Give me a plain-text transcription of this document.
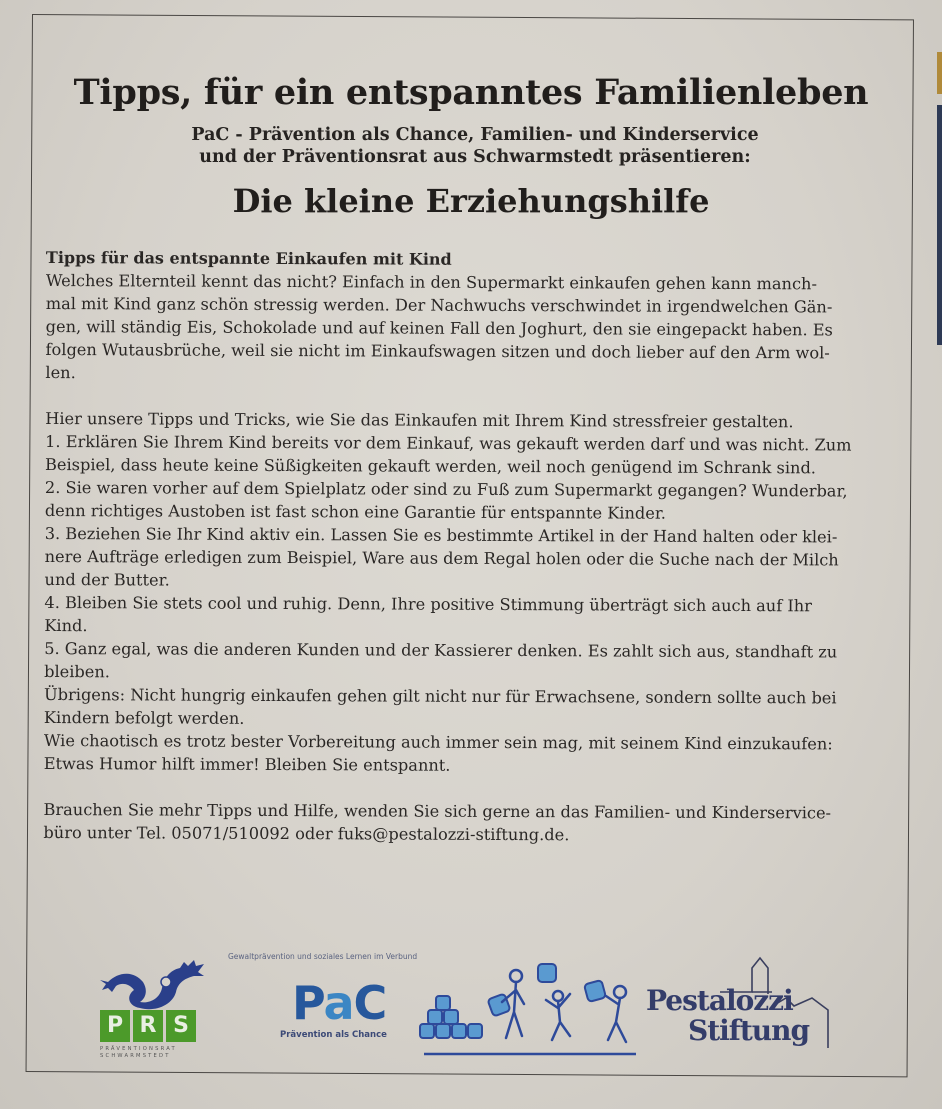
Tipps, für ein entspanntes Familienleben
PaC - Prävention als Chance, Familien- und Kinderservice
und der Präventionsrat aus Schwarmstedt präsentieren:
Die kleine Erziehungshilfe

Tipps für das entspannte Einkaufen mit Kind

Welches Elternteil kennt das nicht? Einfach in den Supermarkt einkaufen gehen kann manch-

mal mit Kind ganz schön stressig werden. Der Nachwuchs verschwindet in irgendwelchen Gän-

gen, will ständig Eis, Schokolade und auf keinen Fall den Joghurt, den sie eingepackt haben. Es

folgen Wutausbrüche, weil sie nicht im Einkaufswagen sitzen und doch lieber auf den Arm wol-

len.

Hier unsere Tipps und Tricks, wie Sie das Einkaufen mit Ihrem Kind stressfreier gestalten.

1. Erklären Sie Ihrem Kind bereits vor dem Einkauf, was gekauft werden darf und was nicht. Zum

Beispiel, dass heute keine Süßigkeiten gekauft werden, weil noch genügend im Schrank sind.

2. Sie waren vorher auf dem Spielplatz oder sind zu Fuß zum Supermarkt gegangen? Wunderbar,

denn richtiges Austoben ist fast schon eine Garantie für entspannte Kinder.

3. Beziehen Sie Ihr Kind aktiv ein. Lassen Sie es bestimmte Artikel in der Hand halten oder klei-

nere Aufträge erledigen zum Beispiel, Ware aus dem Regal holen oder die Suche nach der Milch

und der Butter.

4. Bleiben Sie stets cool und ruhig. Denn, Ihre positive Stimmung überträgt sich auch auf Ihr

Kind.

5. Ganz egal, was die anderen Kunden und der Kassierer denken. Es zahlt sich aus, standhaft zu

bleiben.

Übrigens: Nicht hungrig einkaufen gehen gilt nicht nur für Erwachsene, sondern sollte auch bei

Kindern befolgt werden.

Wie chaotisch es trotz bester Vorbereitung auch immer sein mag, mit seinem Kind einzukaufen:

Etwas Humor hilft immer! Bleiben Sie entspannt.

Brauchen Sie mehr Tipps und Hilfe, wenden Sie sich gerne an das Familien- und Kinderservice-

büro unter Tel. 05071/510092 oder fuks@pestalozzi-stiftung.de.

P R S
PRÄVENTIONSRAT
SCHWARMSTEDT
Gewaltprävention und soziales Lernen im Verbund
PaC
Prävention als Chance
Pestalozzi
Stiftung
